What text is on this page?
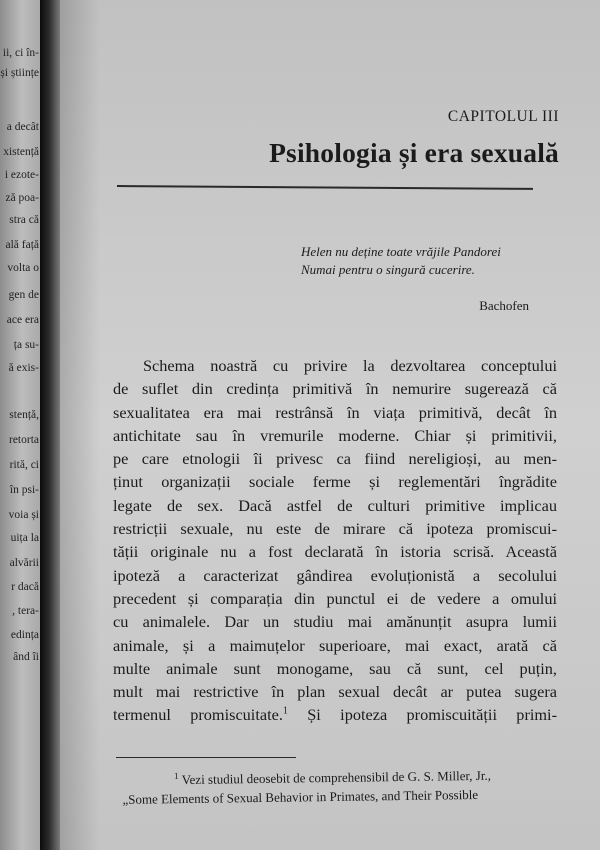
ii, ci în-
și științe
a decât
xistență
i ezote-
ză poa-
stra că
ală față
volta o
gen de
ace era
ța su-
ă exis-
stență,
retorta
rită, ci
în psi-
voia și
uița la
alvării
r dacă
, tera-
edința
ând îi
CAPITOLUL III
Psihologia și era sexuală
Helen nu deține toate vrăjile Pandorei
Numai pentru o singură cucerire.
Bachofen
Schema noastră cu privire la dezvoltarea conceptului
de suflet din credința primitivă în nemurire sugerează că
sexualitatea era mai restrânsă în viața primitivă, decât în
antichitate sau în vremurile moderne. Chiar și primitivii,
pe care etnologii îi privesc ca fiind nereligioși, au men-
ținut organizații sociale ferme și reglementări îngrădite
legate de sex. Dacă astfel de culturi primitive implicau
restricții sexuale, nu este de mirare că ipoteza promiscui-
tății originale nu a fost declarată în istoria scrisă. Această
ipoteză a caracterizat gândirea evoluționistă a secolului
precedent și comparația din punctul ei de vedere a omului
cu animalele. Dar un studiu mai amănunțit asupra lumii
animale, și a maimuțelor superioare, mai exact, arată că
multe animale sunt monogame, sau că sunt, cel puțin,
mult mai restrictive în plan sexual decât ar putea sugera
termenul promiscuitate.$^1$ Și ipoteza promiscuității primi-
$^1$ Vezi studiul deosebit de comprehensibil de G. S. Miller, Jr.,
„Some Elements of Sexual Behavior in Primates, and Their Possible
